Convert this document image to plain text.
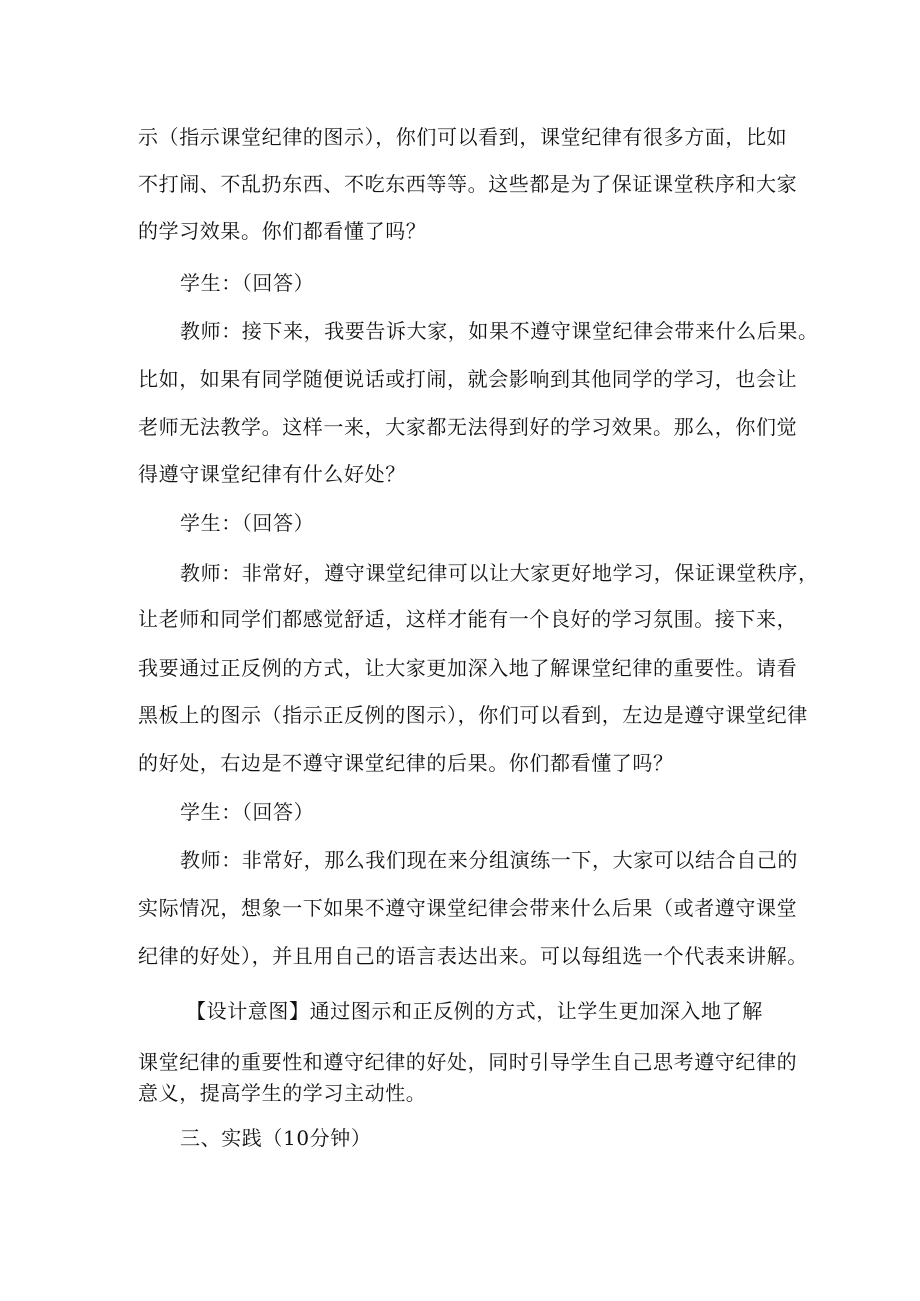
示（指示课堂纪律的图示），你们可以看到，课堂纪律有很多方面，比如
不打闹、不乱扔东西、不吃东西等等。这些都是为了保证课堂秩序和大家
的学习效果。你们都看懂了吗？
学生：（回答）
教师：接下来，我要告诉大家，如果不遵守课堂纪律会带来什么后果。
比如，如果有同学随便说话或打闹，就会影响到其他同学的学习，也会让
老师无法教学。这样一来，大家都无法得到好的学习效果。那么，你们觉
得遵守课堂纪律有什么好处？
学生：（回答）
教师：非常好，遵守课堂纪律可以让大家更好地学习，保证课堂秩序，
让老师和同学们都感觉舒适，这样才能有一个良好的学习氛围。接下来，
我要通过正反例的方式，让大家更加深入地了解课堂纪律的重要性。请看
黑板上的图示（指示正反例的图示），你们可以看到，左边是遵守课堂纪律
的好处，右边是不遵守课堂纪律的后果。你们都看懂了吗？
学生：（回答）
教师：非常好，那么我们现在来分组演练一下，大家可以结合自己的
实际情况，想象一下如果不遵守课堂纪律会带来什么后果（或者遵守课堂
纪律的好处），并且用自己的语言表达出来。可以每组选一个代表来讲解。
【设计意图】通过图示和正反例的方式，让学生更加深入地了解
课堂纪律的重要性和遵守纪律的好处，同时引导学生自己思考遵守纪律的
意义，提高学生的学习主动性。
三、实践（10分钟）
